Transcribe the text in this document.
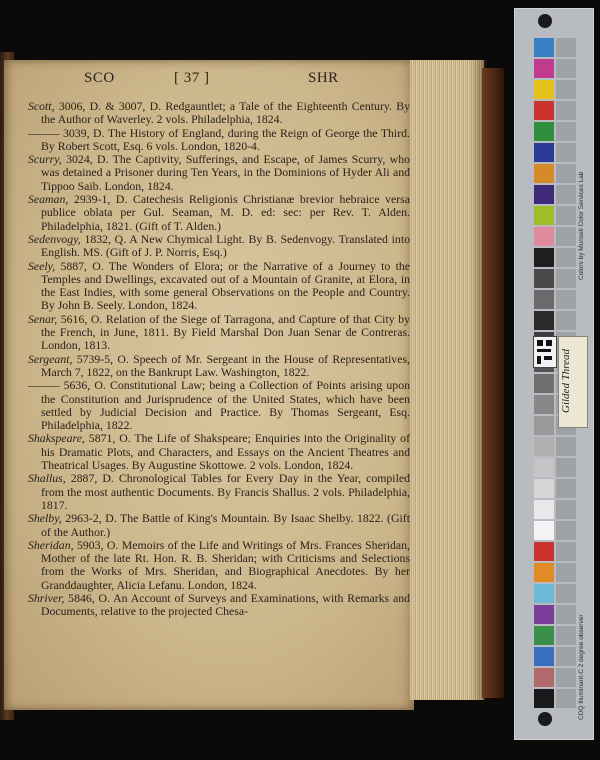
SCO	[ 37 ]	SHR

Scott, 3006, D. & 3007, D. Redgauntlet; a Tale of the Eighteenth Century. By the Author of Waverley. 2 vols. Philadelphia, 1824.

——— 3039, D. The History of England, during the Reign of George the Third. By Robert Scott, Esq. 6 vols. London, 1820-4.

Scurry, 3024, D. The Captivity, Sufferings, and Escape, of James Scurry, who was detained a Prisoner during Ten Years, in the Dominions of Hyder Ali and Tippoo Saib. London, 1824.

Seaman, 2939-1, D. Catechesis Religionis Christianæ brevior hebraice versa publice oblata per Gul. Seaman, M. D. ed: sec: per Rev. T. Alden. Philadelphia, 1821. (Gift of T. Alden.)

Sedenvogy, 1832, Q. A New Chymical Light. By B. Sedenvogy. Translated into English. MS. (Gift of J. P. Norris, Esq.)

Seely, 5887, O. The Wonders of Elora; or the Narrative of a Journey to the Temples and Dwellings, excavated out of a Mountain of Granite, at Elora, in the East Indies, with some general Observations on the People and Country. By John B. Seely. London, 1824.

Senar, 5616, O. Relation of the Siege of Tarragona, and Capture of that City by the French, in June, 1811. By Field Marshal Don Juan Senar de Contreras. London, 1813.

Sergeant, 5739-5, O. Speech of Mr. Sergeant in the House of Representatives, March 7, 1822, on the Bankrupt Law. Washington, 1822.

——— 5636, O. Constitutional Law; being a Collection of Points arising upon the Constitution and Jurisprudence of the United States, which have been settled by Judicial Decision and Practice. By Thomas Sergeant, Esq. Philadelphia, 1822.

Shakspeare, 5871, O. The Life of Shakspeare; Enquiries into the Originality of his Dramatic Plots, and Characters, and Essays on the Ancient Theatres and Theatrical Usages. By Augustine Skottowe. 2 vols. London, 1824.

Shallus, 2887, D. Chronological Tables for Every Day in the Year, compiled from the most authentic Documents. By Francis Shallus. 2 vols. Philadelphia, 1817.

Shelby, 2963-2, D. The Battle of King's Mountain. By Isaac Shelby. 1822. (Gift of the Author.)

Sheridan, 5903, O. Memoirs of the Life and Writings of Mrs. Frances Sheridan, Mother of the late Rt. Hon. R. B. Sheridan; with Criticisms and Selections from the Works of Mrs. Sheridan, and Biographical Anecdotes. By her Granddaughter, Alicia Lefanu. London, 1824.

Shriver, 5846, O. An Account of Surveys and Examinations, with Remarks and Documents, relative to the projected Chesa-

Gilded Thread
Colors by Munsell Color Services Lab
CDQ Illuminant-C 2 degree observer
